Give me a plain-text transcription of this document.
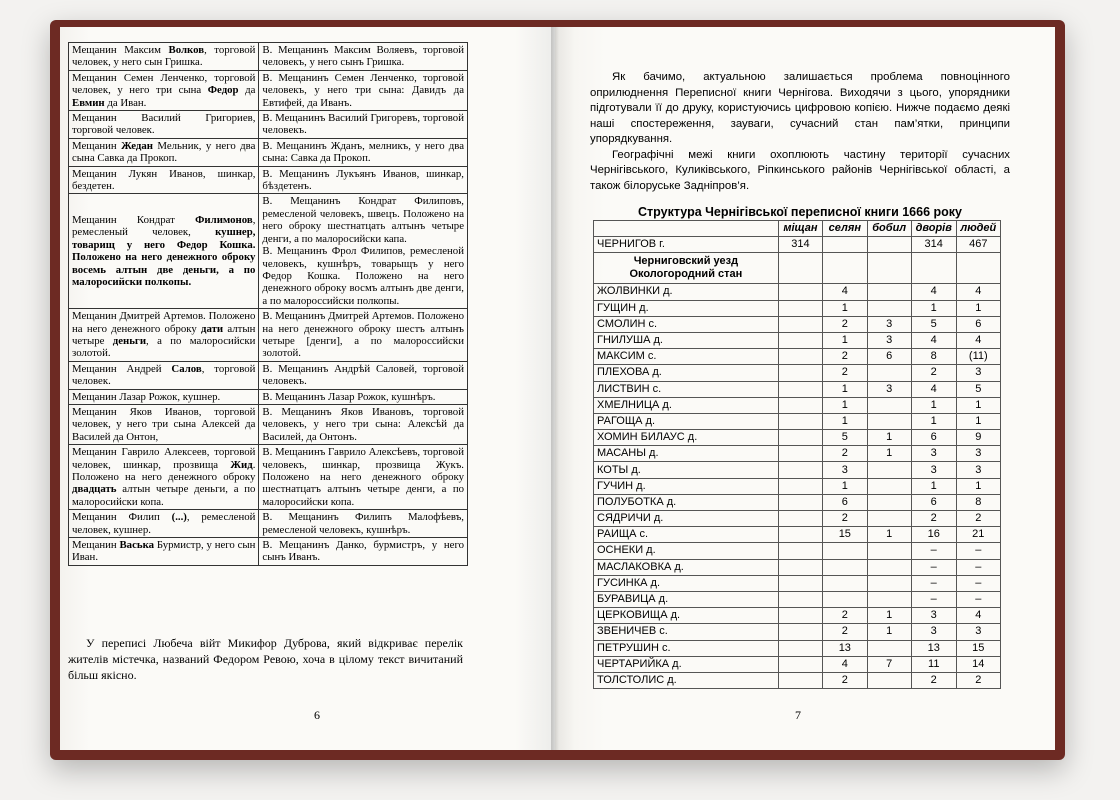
Мещанин Максим Волков, торговой человек, у него сын Гришка.	В. Мещанинъ Максим Воляевъ, торговой человекъ, у него сынъ Гришка.
Мещанин Семен Ленченко, торговой человек, у него три сына Федор да Евмин да Иван.	В. Мещанинъ Семен Ленченко, торговой человекъ, у него три сына: Давидъ да Евтифей, да Иванъ.
Мещанин Василий Григориев, торговой человек.	В. Мещанинъ Василий Григоревъ, торговой человекъ.
Мещанин Жедан Мельник, у него два сына Савка да Прокоп.	В. Мещанинъ Жданъ, мелникъ, у него два сына: Савка да Прокоп.
Мещанин Лукян Иванов, шинкар, бездетен.	В. Мещанинъ Лукъянъ Иванов, шинкар, бѣздетенъ.
Мещанин Кондрат Филимонов, ремесленый человек, кушнер, товарищ у него Федор Кошка. Положено на него денежного оброку восемь алтын две деньги, а по малоросийски полкопы.	В. Мещанинъ Кондрат Филиповъ, ремесленой человекъ, швецъ. Положено на него оброку шестнатцать алтынъ четыре денги, а по малоросийски капа.
В. Мещанинъ Фрол Филипов, ремесленой человекъ, кушнѣръ, товарыщъ у него Федор Кошка. Положено на него денежного оброку восмъ алтынъ две денги, а по малороссийски полкопы.
Мещанин Дмитрей Артемов. Положено на него денежного оброку дати алтын четыре деньги, а по малоросийски золотой.	В. Мещанинъ Дмитрей Артемов. Положено на него денежного оброку шестъ алтынъ четыре [денги], а по малороссийски золотой.
Мещанин Андрей Салов, торговой человек.	В. Мещанинъ Андрѣй Саловей, торговой человекъ.
Мещанин Лазар Рожок, кушнер.	В. Мещанинъ Лазар Рожок, кушнѣръ.
Мещанин Яков Иванов, торговой человек, у него три сына Алексей да Василей да Онтон,	В. Мещанинъ Яков Ивановъ, торговой человекъ, у него три сына: Алексѣй да Василей, да Онтонъ.
Мещанин Гаврило Алексеев, торговой человек, шинкар, прозвища Жид. Положено на него денежного оброку двадцать алтын четыре деньги, а по малоросийски копа.	В. Мещанинъ Гаврило Алексѣевъ, торговой человекъ, шинкар, прозвища Жукъ. Положено на него денежного оброку шестнатцатъ алтынъ четыре денги, а по малоросийски копа.
Мещанин Филип (...), ремесленой человек, кушнер.	В. Мещанинъ Филипъ Малофѣевъ, ремесленой человекъ, кушнѣръ.
Мещанин Васька Бурмистр, у него сын Иван.	В. Мещанинъ Данко, бурмистръ, у него сынъ Иванъ.

У переписі Любеча війт Микифор Дуброва, який відкриває перелік жителів містечка, названий Федором Ревою, хоча в цілому текст вичитаний більш якісно.

6

Як бачимо, актуальною залишається проблема повноцінного оприлюднення Переписної книги Чернігова. Виходячи з цього, упорядники підготували її до друку, користуючись цифровою копією. Нижче подаємо деякі наші спостереження, зауваги, сучасний стан пам’ятки, принципи упорядкування.

Географічні межі книги охоплюють частину території сучасних Чернігівського, Куликівського, Ріпкинського районів Чернігівської області, а також білоруське Задніпров’я.

Структура Чернігівської переписної книги 1666 року
	міщан	селян	бобил	дворів	людей
ЧЕРНИГОВ г.	314			314	467
Черниговский уезд
Окологородний стан					
ЖОЛВИНКИ д.		4		4	4
ГУЩИН д.		1		1	1
СМОЛИН с.		2	3	5	6
ГНИЛУША д.		1	3	4	4
МАКСИМ с.		2	6	8	(11)
ПЛЕХОВА д.		2		2	3
ЛИСТВИН с.		1	3	4	5
ХМЕЛНИЦА д.		1		1	1
РАГОЩА д.		1		1	1
ХОМИН БИЛАУС д.		5	1	6	9
МАСАНЫ д.		2	1	3	3
КОТЫ д.		3		3	3
ГУЧИН д.		1		1	1
ПОЛУБОТКА д.		6		6	8
СЯДРИЧИ д.		2		2	2
РАИЩА с.		15	1	16	21
ОСНЕКИ д.				–	–
МАСЛАКОВКА д.				–	–
ГУСИНКА д.				–	–
БУРАВИЦА д.				–	–
ЦЕРКОВИЩА д.		2	1	3	4
ЗВЕНИЧЕВ с.		2	1	3	3
ПЕТРУШИН с.		13		13	15
ЧЕРТАРИЙКА д.		4	7	11	14
ТОЛСТОЛИС д.		2		2	2
7
